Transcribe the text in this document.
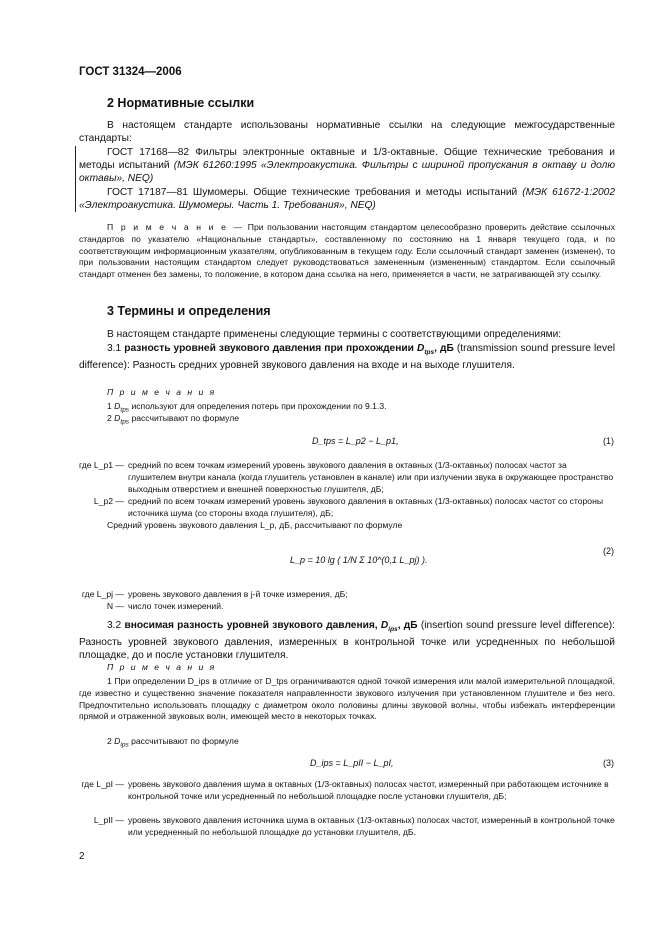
ГОСТ 31324—2006
2 Нормативные ссылки
В настоящем стандарте использованы нормативные ссылки на следующие межгосударственные стандарты:
ГОСТ 17168—82 Фильтры электронные октавные и 1/3-октавные. Общие технические требования и методы испытаний (МЭК 61260:1995 «Электроакустика. Фильтры с шириной пропускания в октаву и долю октавы», NEQ)
ГОСТ 17187—81 Шумомеры. Общие технические требования и методы испытаний (МЭК 61672-1:2002 «Электроакустика. Шумомеры. Часть 1. Требования», NEQ)
П р и м е ч а н и е — При пользовании настоящим стандартом целесообразно проверить действие ссылочных стандартов по указателю «Национальные стандарты», составленному по состоянию на 1 января текущего года, и по соответствующим информационным указателям, опубликованным в текущем году. Если ссылочный стандарт заменен (изменен), то при пользовании настоящим стандартом следует руководствоваться замененным (измененным) стандартом. Если ссылочный стандарт отменен без замены, то положение, в котором дана ссылка на него, применяется в части, не затрагивающей эту ссылку.
3 Термины и определения
В настоящем стандарте применены следующие термины с соответствующими определениями:
3.1 разность уровней звукового давления при прохождении $D_{tps}$, дБ (transmission sound pressure level difference): Разность средних уровней звукового давления на входе и на выходе глушителя.
П р и м е ч а н и я
1 $D_{tps}$ используют для определения потерь при прохождении по 9.1.3.
2 $D_{tps}$ рассчитывают по формуле
D_tps = L_p2 − L_p1,	(1)
где L_p1 — средний по всем точкам измерений уровень звукового давления в октавных (1/3-октавных) полосах частот за глушителем внутри канала (когда глушитель установлен в канале) или при излучении звука в окружающее пространство выходным отверстием и внешней поверхностью глушителя, дБ;
L_p2 — средний по всем точкам измерений уровень звукового давления в октавных (1/3-октавных) полосах частот со стороны источника шума (со стороны входа глушителя), дБ;
Средний уровень звукового давления L_p, дБ, рассчитывают по формуле
L_p = 10 lg ( 1/N Σ 10^(0,1 L_pj) ).
(2)
где L_pj — уровень звукового давления в j-й точке измерения, дБ;
N — число точек измерений.
3.2 вносимая разность уровней звукового давления, $D_{ips}$, дБ (insertion sound pressure level difference): Разность уровней звукового давления, измеренных в контрольной точке или усредненных по небольшой площадке, до и после установки глушителя.
П р и м е ч а н и я
1 При определении D_ips в отличие от D_tps ограничиваются одной точкой измерения или малой измерительной площадкой, где известно и существенно значение показателя направленности звукового излучения при установленном глушителе и без него. Предпочтительно использовать площадку с диаметром около половины длины звуковой волны, чтобы избежать интерференции прямой и отраженной звуковых волн, имеющей место в некоторых точках.
2 $D_{ips}$ рассчитывают по формуле
D_ips = L_pII − L_pI,	(3)
где L_pI — уровень звукового давления шума в октавных (1/3-октавных) полосах частот, измеренный при работающем источнике в контрольной точке или усредненный по небольшой площадке после установки глушителя, дБ;
L_pII — уровень звукового давления источника шума в октавных (1/3-октавных) полосах частот, измеренный в контрольной точке или усредненный по небольшой площадке до установки глушителя, дБ.
2
